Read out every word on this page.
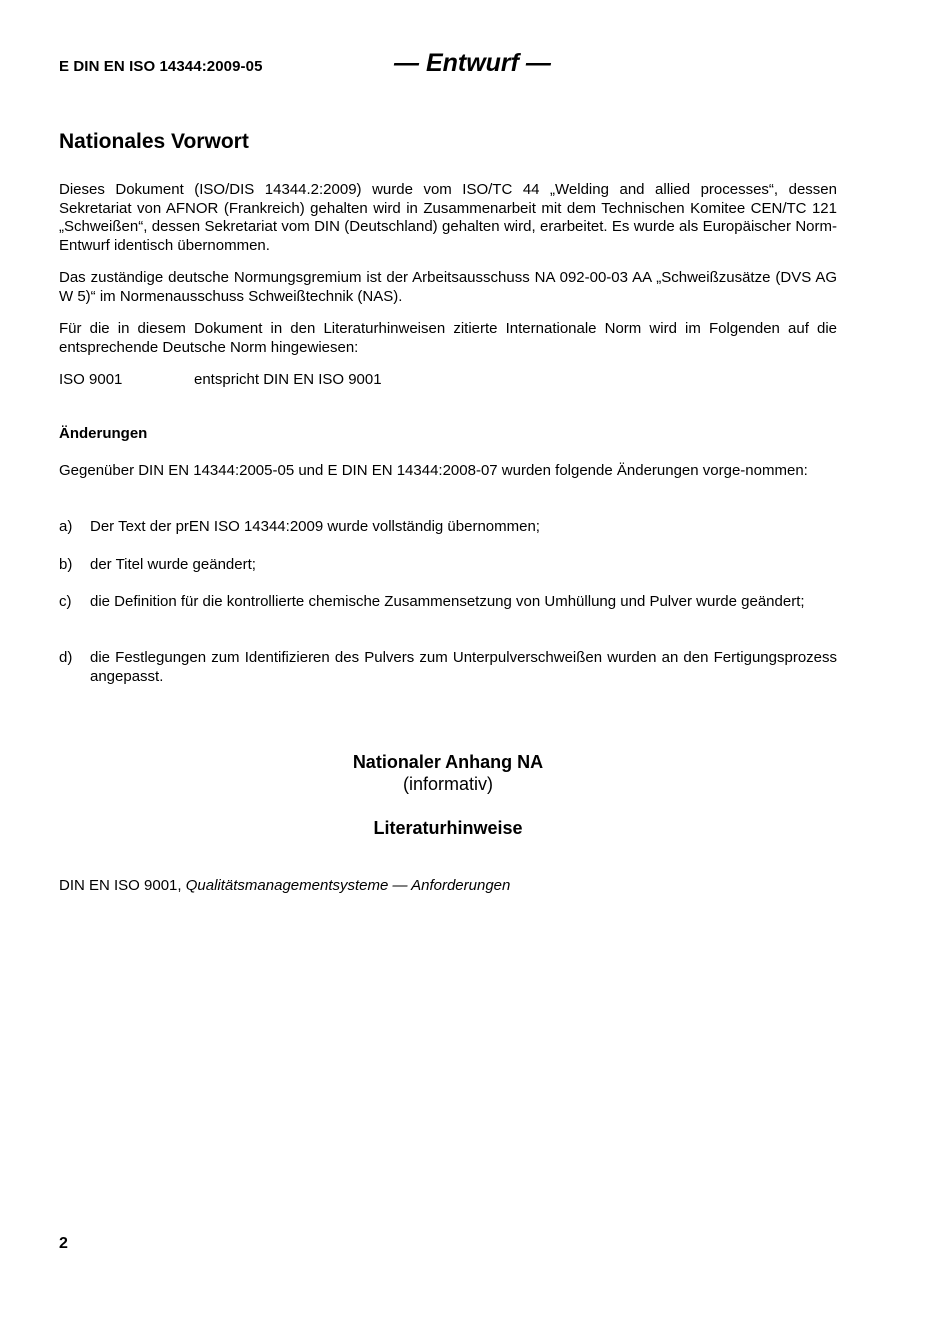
E DIN EN ISO 14344:2009-05	— Entwurf —
Nationales Vorwort
Dieses Dokument (ISO/DIS 14344.2:2009) wurde vom ISO/TC 44 „Welding and allied processes“, dessen Sekretariat von AFNOR (Frankreich) gehalten wird in Zusammenarbeit mit dem Technischen Komitee CEN/TC 121 „Schweißen“, dessen Sekretariat vom DIN (Deutschland) gehalten wird, erarbeitet. Es wurde als Europäischer Norm-Entwurf identisch übernommen.
Das zuständige deutsche Normungsgremium ist der Arbeitsausschuss NA 092-00-03 AA „Schweißzusätze (DVS AG W 5)“ im Normenausschuss Schweißtechnik (NAS).
Für die in diesem Dokument in den Literaturhinweisen zitierte Internationale Norm wird im Folgenden auf die entsprechende Deutsche Norm hingewiesen:
ISO 9001	entspricht DIN EN ISO 9001
Änderungen
Gegenüber DIN EN 14344:2005-05 und E DIN EN 14344:2008-07 wurden folgende Änderungen vorge-nommen:
a) Der Text der prEN ISO 14344:2009 wurde vollständig übernommen;
b) der Titel wurde geändert;
c) die Definition für die kontrollierte chemische Zusammensetzung von Umhüllung und Pulver wurde geändert;
d) die Festlegungen zum Identifizieren des Pulvers zum Unterpulverschweißen wurden an den Fertigungsprozess angepasst.
Nationaler Anhang NA
(informativ)
Literaturhinweise
DIN EN ISO 9001, Qualitätsmanagementsysteme — Anforderungen
2
